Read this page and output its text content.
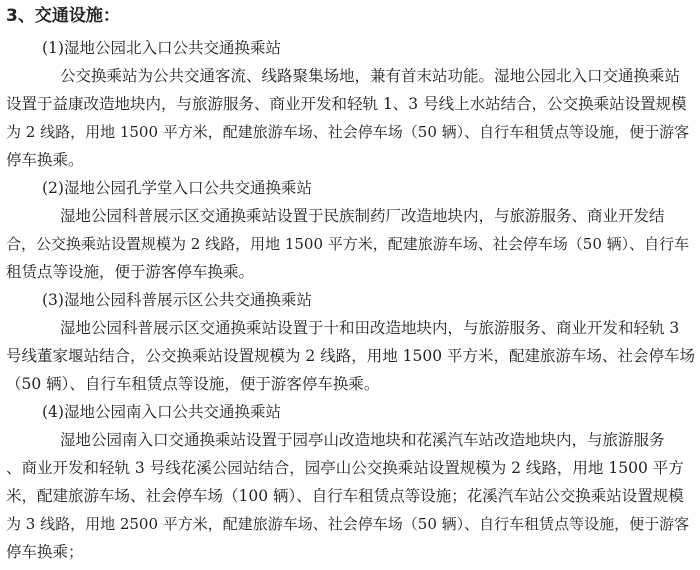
3、交通设施：
(1)湿地公园北入口公共交通换乘站
公交换乘站为公共交通客流、线路聚集场地，兼有首末站功能。湿地公园北入口交通换乘站
设置于益康改造地块内，与旅游服务、商业开发和轻轨 1、3 号线上水站结合，公交换乘站设置规模
为 2 线路，用地 1500 平方米，配建旅游车场、社会停车场（50 辆）、自行车租赁点等设施，便于游客
停车换乘。
(2)湿地公园孔学堂入口公共交通换乘站
湿地公园科普展示区交通换乘站设置于民族制药厂改造地块内，与旅游服务、商业开发结
合，公交换乘站设置规模为 2 线路，用地 1500 平方米，配建旅游车场、社会停车场（50 辆）、自行车
租赁点等设施，便于游客停车换乘。
(3)湿地公园科普展示区公共交通换乘站
湿地公园科普展示区交通换乘站设置于十和田改造地块内，与旅游服务、商业开发和轻轨 3
号线董家堰站结合，公交换乘站设置规模为 2 线路，用地 1500 平方米，配建旅游车场、社会停车场
（50 辆）、自行车租赁点等设施，便于游客停车换乘。
(4)湿地公园南入口公共交通换乘站
湿地公园南入口交通换乘站设置于园亭山改造地块和花溪汽车站改造地块内，与旅游服务
、商业开发和轻轨 3 号线花溪公园站结合，园亭山公交换乘站设置规模为 2 线路，用地 1500 平方
米，配建旅游车场、社会停车场（100 辆）、自行车租赁点等设施；花溪汽车站公交换乘站设置规模
为 3 线路，用地 2500 平方米，配建旅游车场、社会停车场（50 辆）、自行车租赁点等设施，便于游客
停车换乘；
